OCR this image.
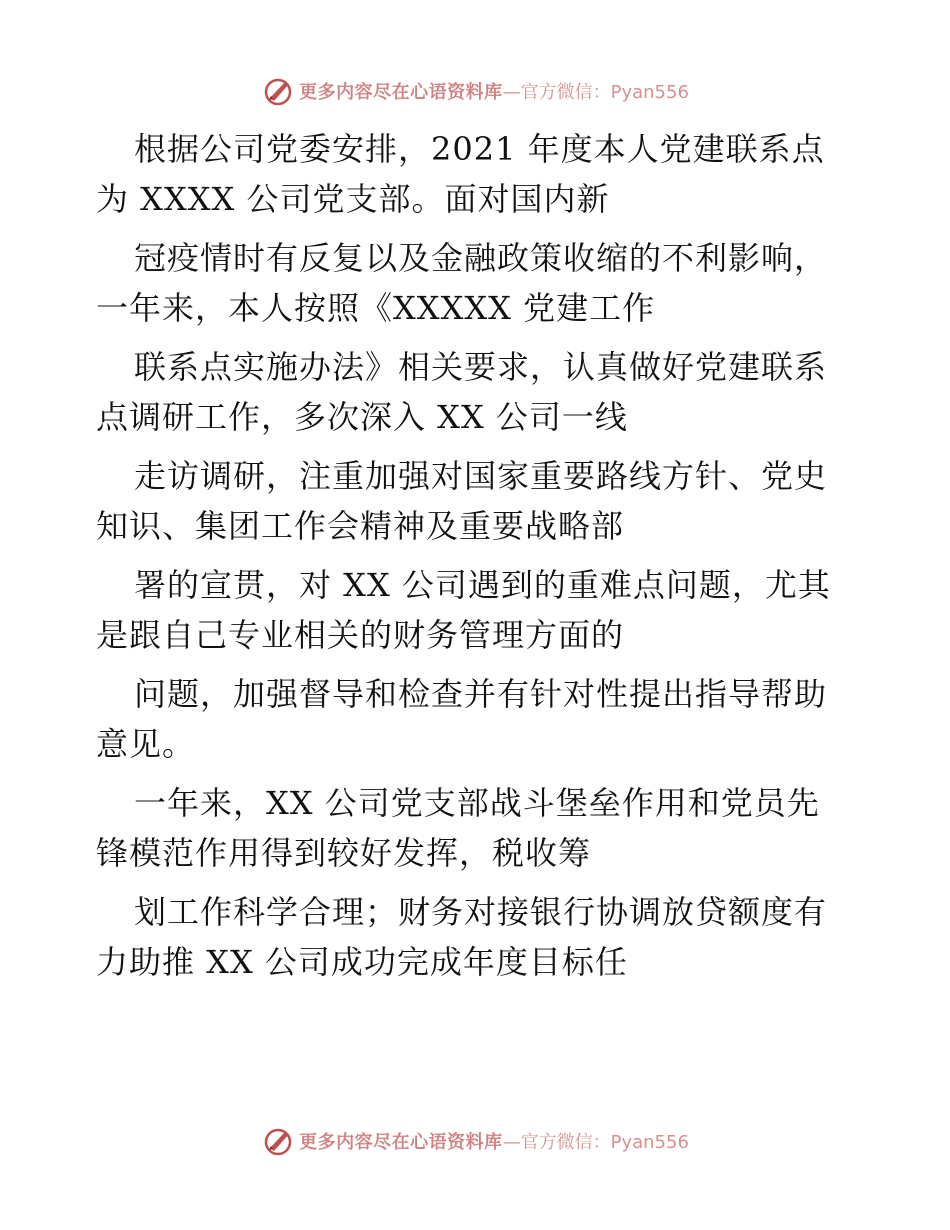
更多内容尽在心语资料库 —官方微信：Pyan556
根据公司党委安排，2021 年度本人党建联系点
为 XXXX 公司党支部。面对国内新
冠疫情时有反复以及金融政策收缩的不利影响，
一年来，本人按照《XXXXX 党建工作
联系点实施办法》相关要求，认真做好党建联系
点调研工作，多次深入 XX 公司一线
走访调研，注重加强对国家重要路线方针、党史
知识、集团工作会精神及重要战略部
署的宣贯，对 XX 公司遇到的重难点问题，尤其
是跟自己专业相关的财务管理方面的
问题，加强督导和检查并有针对性提出指导帮助
意见。
一年来，XX 公司党支部战斗堡垒作用和党员先
锋模范作用得到较好发挥，税收筹
划工作科学合理；财务对接银行协调放贷额度有
力助推 XX 公司成功完成年度目标任
更多内容尽在心语资料库 —官方微信：Pyan556
